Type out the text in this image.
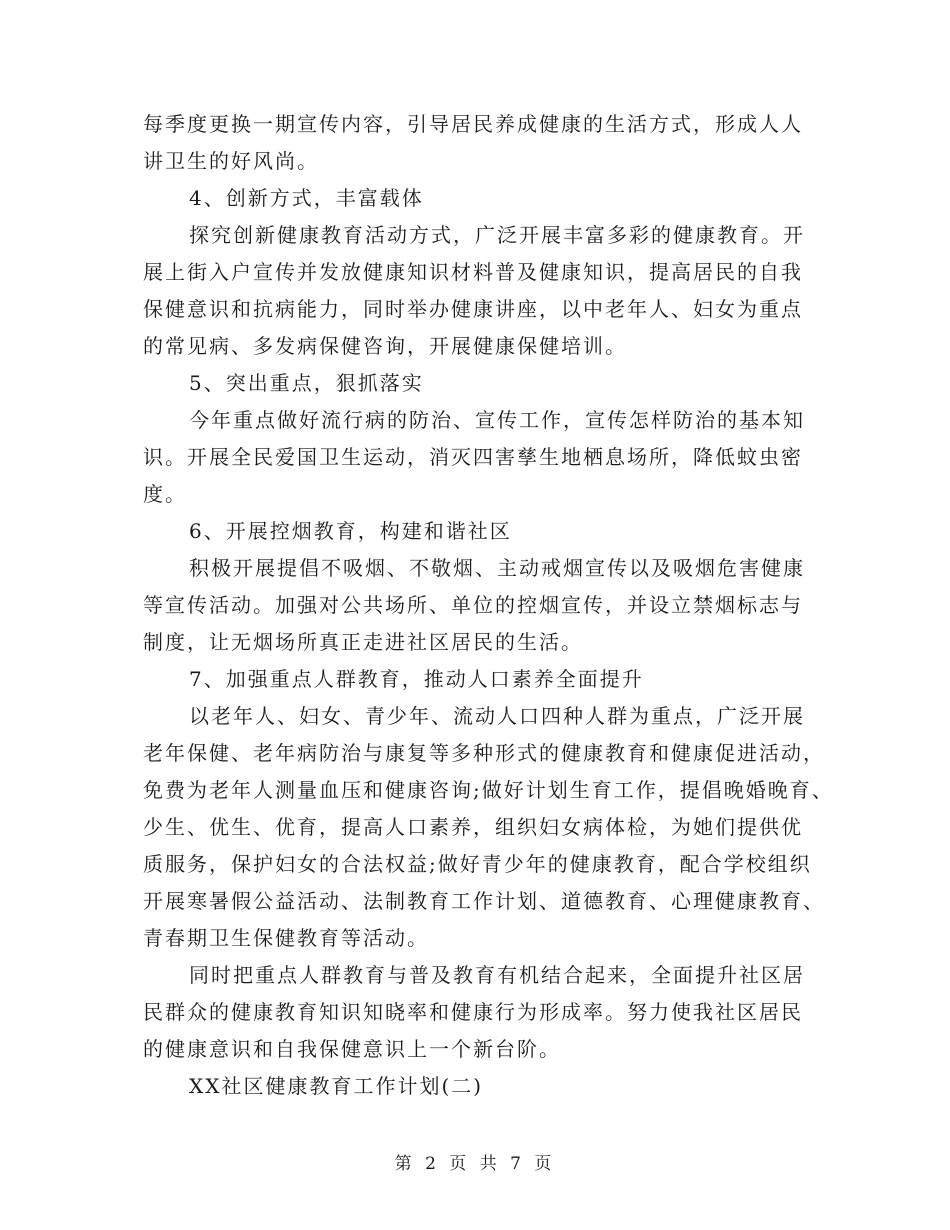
每季度更换一期宣传内容，引导居民养成健康的生活方式，形成人人
讲卫生的好风尚。
4、创新方式，丰富载体
探究创新健康教育活动方式，广泛开展丰富多彩的健康教育。开
展上街入户宣传并发放健康知识材料普及健康知识，提高居民的自我
保健意识和抗病能力，同时举办健康讲座，以中老年人、妇女为重点
的常见病、多发病保健咨询，开展健康保健培训。
5、突出重点，狠抓落实
今年重点做好流行病的防治、宣传工作，宣传怎样防治的基本知
识。开展全民爱国卫生运动，消灭四害孳生地栖息场所，降低蚊虫密
度。
6、开展控烟教育，构建和谐社区
积极开展提倡不吸烟、不敬烟、主动戒烟宣传以及吸烟危害健康
等宣传活动。加强对公共场所、单位的控烟宣传，并设立禁烟标志与
制度，让无烟场所真正走进社区居民的生活。
7、加强重点人群教育，推动人口素养全面提升
以老年人、妇女、青少年、流动人口四种人群为重点，广泛开展
老年保健、老年病防治与康复等多种形式的健康教育和健康促进活动，
免费为老年人测量血压和健康咨询;做好计划生育工作，提倡晚婚晚育、
少生、优生、优育，提高人口素养，组织妇女病体检，为她们提供优
质服务，保护妇女的合法权益;做好青少年的健康教育，配合学校组织
开展寒暑假公益活动、法制教育工作计划、道德教育、心理健康教育、
青春期卫生保健教育等活动。
同时把重点人群教育与普及教育有机结合起来，全面提升社区居
民群众的健康教育知识知晓率和健康行为形成率。努力使我社区居民
的健康意识和自我保健意识上一个新台阶。
XX社区健康教育工作计划(二)
第 2 页 共 7 页
